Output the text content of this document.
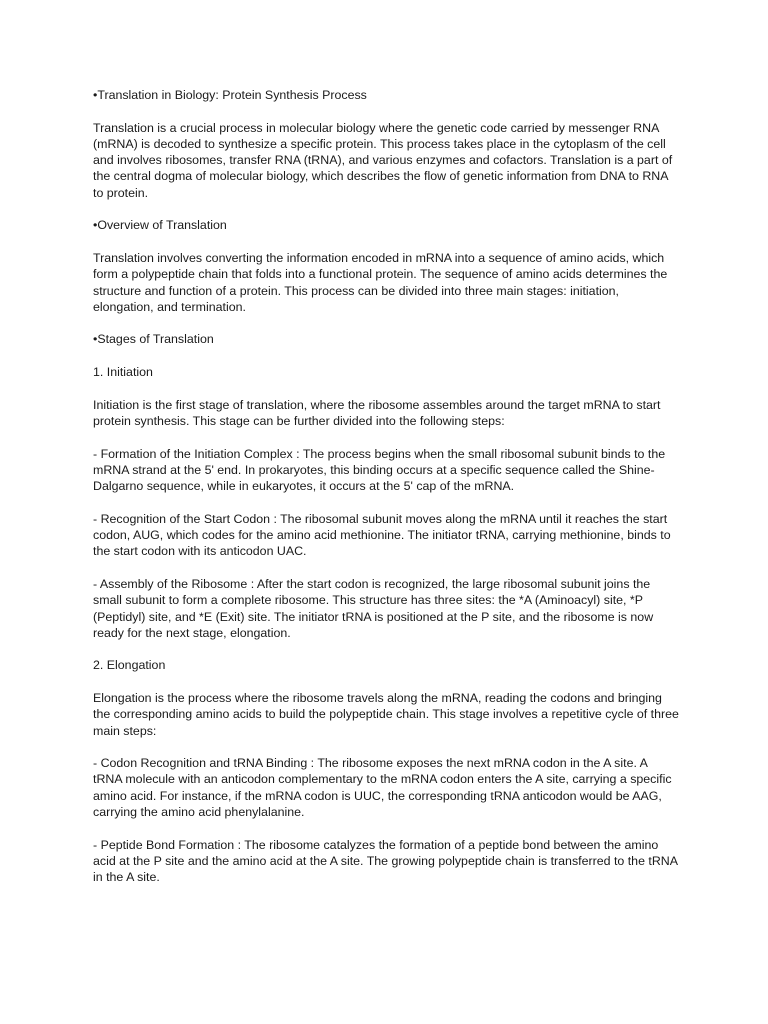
•Translation in Biology: Protein Synthesis Process

Translation is a crucial process in molecular biology where the genetic code carried by messenger RNA (mRNA) is decoded to synthesize a specific protein. This process takes place in the cytoplasm of the cell and involves ribosomes, transfer RNA (tRNA), and various enzymes and cofactors. Translation is a part of the central dogma of molecular biology, which describes the flow of genetic information from DNA to RNA to protein.

•Overview of Translation

Translation involves converting the information encoded in mRNA into a sequence of amino acids, which form a polypeptide chain that folds into a functional protein. The sequence of amino acids determines the structure and function of a protein. This process can be divided into three main stages: initiation, elongation, and termination.

•Stages of Translation

1. Initiation

Initiation is the first stage of translation, where the ribosome assembles around the target mRNA to start protein synthesis. This stage can be further divided into the following steps:

- Formation of the Initiation Complex : The process begins when the small ribosomal subunit binds to the mRNA strand at the 5' end. In prokaryotes, this binding occurs at a specific sequence called the Shine-Dalgarno sequence, while in eukaryotes, it occurs at the 5' cap of the mRNA.

- Recognition of the Start Codon : The ribosomal subunit moves along the mRNA until it reaches the start codon, AUG, which codes for the amino acid methionine. The initiator tRNA, carrying methionine, binds to the start codon with its anticodon UAC.

- Assembly of the Ribosome : After the start codon is recognized, the large ribosomal subunit joins the small subunit to form a complete ribosome. This structure has three sites: the *A (Aminoacyl) site, *P (Peptidyl) site, and *E (Exit) site. The initiator tRNA is positioned at the P site, and the ribosome is now ready for the next stage, elongation.

2. Elongation

Elongation is the process where the ribosome travels along the mRNA, reading the codons and bringing the corresponding amino acids to build the polypeptide chain. This stage involves a repetitive cycle of three main steps:

- Codon Recognition and tRNA Binding : The ribosome exposes the next mRNA codon in the A site. A tRNA molecule with an anticodon complementary to the mRNA codon enters the A site, carrying a specific amino acid. For instance, if the mRNA codon is UUC, the corresponding tRNA anticodon would be AAG, carrying the amino acid phenylalanine.

- Peptide Bond Formation : The ribosome catalyzes the formation of a peptide bond between the amino acid at the P site and the amino acid at the A site. The growing polypeptide chain is transferred to the tRNA in the A site.
